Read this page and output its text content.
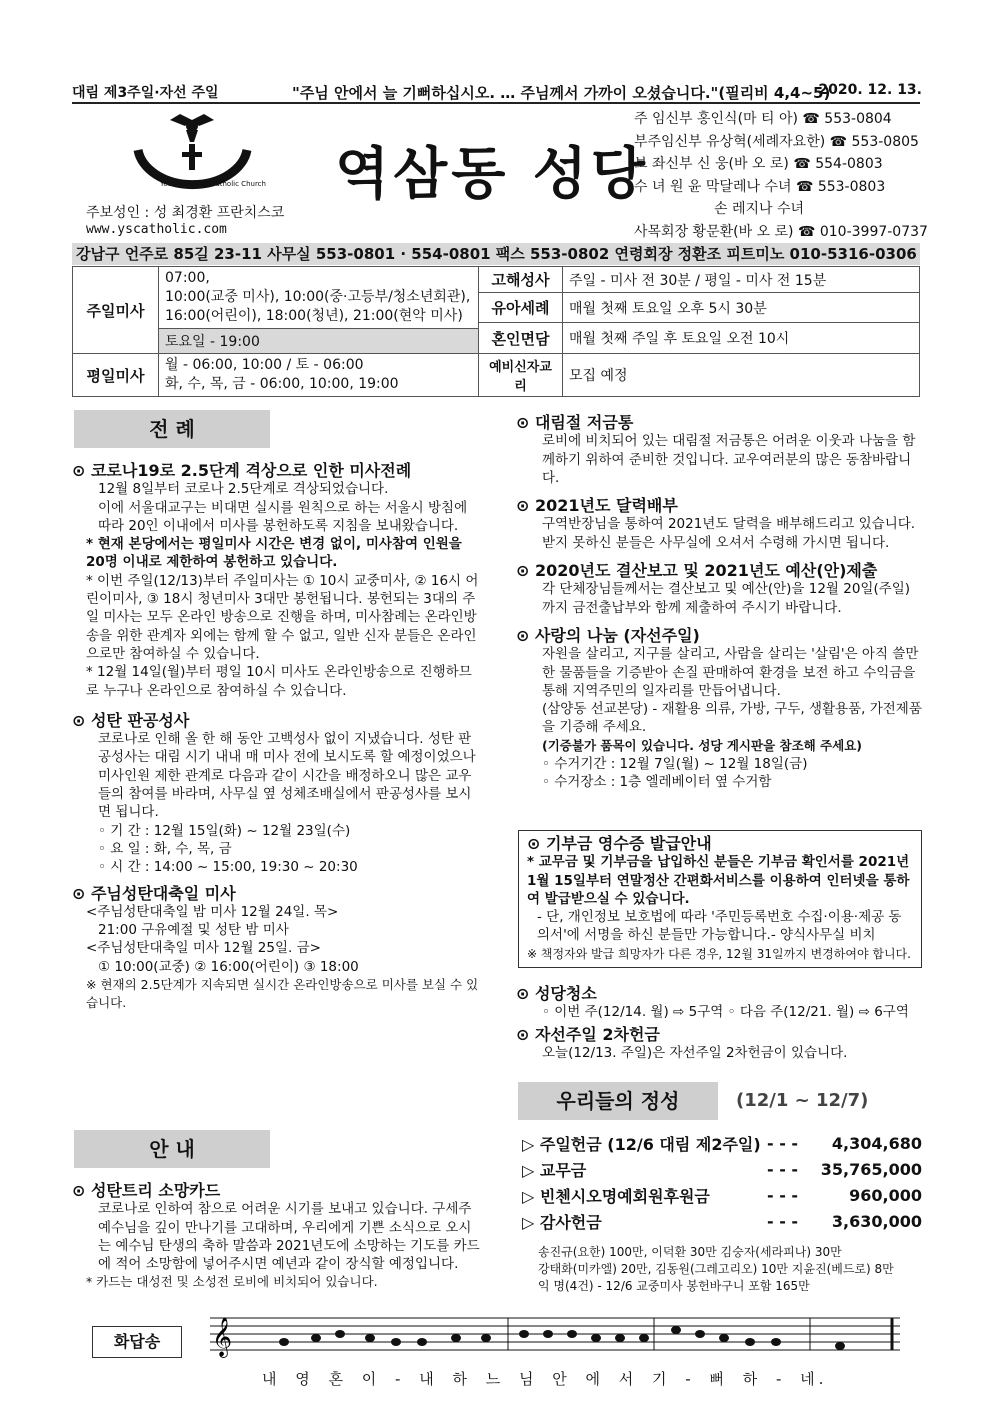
대림 제3주일·자선 주일	"주님 안에서 늘 기뻐하십시오. … 주님께서 가까이 오셨습니다."(필리비 4,4~5)
2020. 12. 13.
Yeoksamdong Catholic Church 역삼동 성당
주보성인 : 성 최경환 프란치스코
www.yscatholic.com
주 임신부 홍인식(마 티 아) ☎ 553-0804
부주임신부 유상혁(세례자요한) ☎ 553-0805
보 좌신부 신 웅(바 오 로) ☎ 554-0803
수 녀 원 윤 막달레나 수녀 ☎ 553-0803
손 레지나 수녀
사목회장 황문환(바 오 로) ☎ 010-3997-0737
강남구 언주로 85길 23-11 사무실 553-0801 · 554-0801 팩스 553-0802 연령회장 정환조 피트미노 010-5316-0306
주일미사	07:00,
10:00(교중 미사), 10:00(중·고등부/청소년회관),
16:00(어린이), 18:00(청년), 21:00(현악 미사)	고해성사	주일 - 미사 전 30분 / 평일 - 미사 전 15분
		유아세례	매월 첫째 토요일 오후 5시 30분
		혼인면담	매월 첫째 주일 후 토요일 오전 10시
	토요일 - 19:00		
평일미사	월 - 06:00, 10:00 / 토 - 06:00
화, 수, 목, 금 - 06:00, 10:00, 19:00	예비신자교리	모집 예정
전 례
⊙ 코로나19로 2.5단계 격상으로 인한 미사전례
12월 8일부터 코로나 2.5단계로 격상되었습니다.
이에 서울대교구는 비대면 실시를 원칙으로 하는 서울시 방침에 따라 20인 이내에서 미사를 봉헌하도록 지침을 보내왔습니다.
* 현재 본당에서는 평일미사 시간은 변경 없이, 미사참여 인원을 20명 이내로 제한하여 봉헌하고 있습니다.
* 이번 주일(12/13)부터 주일미사는 ① 10시 교중미사, ② 16시 어린이미사, ③ 18시 청년미사 3대만 봉헌됩니다. 봉헌되는 3대의 주일 미사는 모두 온라인 방송으로 진행을 하며, 미사참례는 온라인방송을 위한 관계자 외에는 함께 할 수 없고, 일반 신자 분들은 온라인으로만 참여하실 수 있습니다.
* 12월 14일(월)부터 평일 10시 미사도 온라인방송으로 진행하므로 누구나 온라인으로 참여하실 수 있습니다.
⊙ 성탄 판공성사
코로나로 인해 올 한 해 동안 고백성사 없이 지냈습니다. 성탄 판공성사는 대림 시기 내내 매 미사 전에 보시도록 할 예정이었으나 미사인원 제한 관계로 다음과 같이 시간을 배정하오니 많은 교우들의 참여를 바라며, 사무실 옆 성체조배실에서 판공성사를 보시면 됩니다.
◦ 기 간 : 12월 15일(화) ~ 12월 23일(수)
◦ 요 일 : 화, 수, 목, 금
◦ 시 간 : 14:00 ~ 15:00, 19:30 ~ 20:30
⊙ 주님성탄대축일 미사
<주님성탄대축일 밤 미사 12월 24일. 목>
21:00 구유예절 및 성탄 밤 미사
<주님성탄대축일 미사 12월 25일. 금>
① 10:00(교중) ② 16:00(어린이) ③ 18:00
※ 현재의 2.5단계가 지속되면 실시간 온라인방송으로 미사를 보실 수 있습니다.
안 내
⊙ 성탄트리 소망카드
코로나로 인하여 참으로 어려운 시기를 보내고 있습니다. 구세주 예수님을 깊이 만나기를 고대하며, 우리에게 기쁜 소식으로 오시는 예수님 탄생의 축하 말씀과 2021년도에 소망하는 기도를 카드에 적어 소망함에 넣어주시면 예년과 같이 장식할 예정입니다.
* 카드는 대성전 및 소성전 로비에 비치되어 있습니다.
⊙ 대림절 저금통
로비에 비치되어 있는 대림절 저금통은 어려운 이웃과 나눔을 함께하기 위하여 준비한 것입니다. 교우여러분의 많은 동참바랍니다.
⊙ 2021년도 달력배부
구역반장님을 통하여 2021년도 달력을 배부해드리고 있습니다. 받지 못하신 분들은 사무실에 오셔서 수령해 가시면 됩니다.
⊙ 2020년도 결산보고 및 2021년도 예산(안)제출
각 단체장님들께서는 결산보고 및 예산(안)을 12월 20일(주일)까지 금전출납부와 함께 제출하여 주시기 바랍니다.
⊙ 사랑의 나눔 (자선주일)
자원을 살리고, 지구를 살리고, 사람을 살리는 '살림'은 아직 쓸만한 물품들을 기증받아 손질 판매하여 환경을 보전 하고 수익금을 통해 지역주민의 일자리를 만듭어냅니다.
(삼양동 선교본당) - 재활용 의류, 가방, 구두, 생활용품, 가전제품을 기증해 주세요.
(기증불가 품목이 있습니다. 성당 게시판을 참조해 주세요)
◦ 수거기간 : 12월 7일(월) ~ 12월 18일(금)
◦ 수거장소 : 1층 엘레베이터 옆 수거함
⊙ 기부금 영수증 발급안내
* 교무금 및 기부금을 납입하신 분들은 기부금 확인서를 2021년 1월 15일부터 연말정산 간편화서비스를 이용하여 인터넷을 통하여 발급받으실 수 있습니다.
- 단, 개인정보 보호법에 따라 '주민등록번호 수집·이용·제공 동의서'에 서명을 하신 분들만 가능합니다.- 양식사무실 비치
※ 책정자와 발급 희망자가 다른 경우, 12월 31일까지 변경하여야 합니다.
⊙ 성당청소
◦ 이번 주(12/14. 월) ⇨ 5구역 ◦ 다음 주(12/21. 월) ⇨ 6구역
⊙ 자선주일 2차헌금
오늘(12/13. 주일)은 자선주일 2차헌금이 있습니다.
우리들의 정성	(12/1 ~ 12/7)
▷ 주일헌금 (12/6 대림 제2주일) - - -	4,304,680
▷ 교무금	- - -	35,765,000
▷ 빈첸시오명예회원후원금	- - -	960,000
▷ 감사헌금	- - -	3,630,000
송진규(요한) 100만, 이덕환 30만 김숭자(세라피나) 30만
강태화(미카엘) 20만, 김동원(그레고리오) 10만 지윤진(베드로) 8만
익 명(4건) - 12/6 교중미사 봉헌바구니 포함 165만
화답송	𝄞
내 영 혼 이 - 내 하 느 님 안 에 서 기 - 뻐 하 - 네.
